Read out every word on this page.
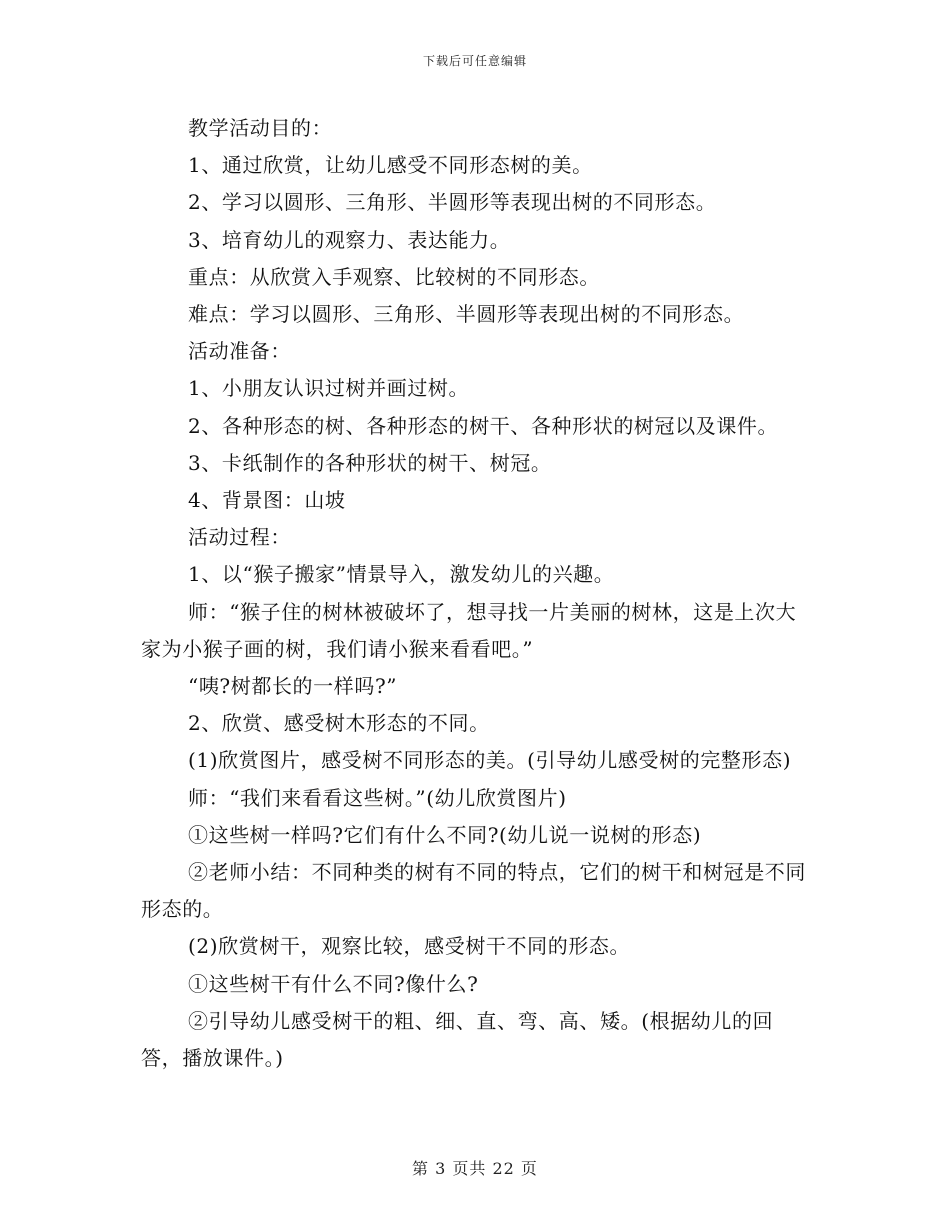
下载后可任意编辑

教学活动目的：

1、通过欣赏，让幼儿感受不同形态树的美。

2、学习以圆形、三角形、半圆形等表现出树的不同形态。

3、培育幼儿的观察力、表达能力。

重点：从欣赏入手观察、比较树的不同形态。

难点：学习以圆形、三角形、半圆形等表现出树的不同形态。

活动准备：

1、小朋友认识过树并画过树。

2、各种形态的树、各种形态的树干、各种形状的树冠以及课件。

3、卡纸制作的各种形状的树干、树冠。

4、背景图：山坡

活动过程：

1、以“猴子搬家”情景导入，激发幼儿的兴趣。

师：“猴子住的树林被破坏了，想寻找一片美丽的树林，这是上次大家为小猴子画的树，我们请小猴来看看吧。”

“咦?树都长的一样吗?”

2、欣赏、感受树木形态的不同。

(1)欣赏图片，感受树不同形态的美。(引导幼儿感受树的完整形态)

师：“我们来看看这些树。”(幼儿欣赏图片)

①这些树一样吗?它们有什么不同?(幼儿说一说树的形态)

②老师小结：不同种类的树有不同的特点，它们的树干和树冠是不同形态的。

(2)欣赏树干，观察比较，感受树干不同的形态。

①这些树干有什么不同?像什么?

②引导幼儿感受树干的粗、细、直、弯、高、矮。(根据幼儿的回答，播放课件。)

第 3 页共 22 页
